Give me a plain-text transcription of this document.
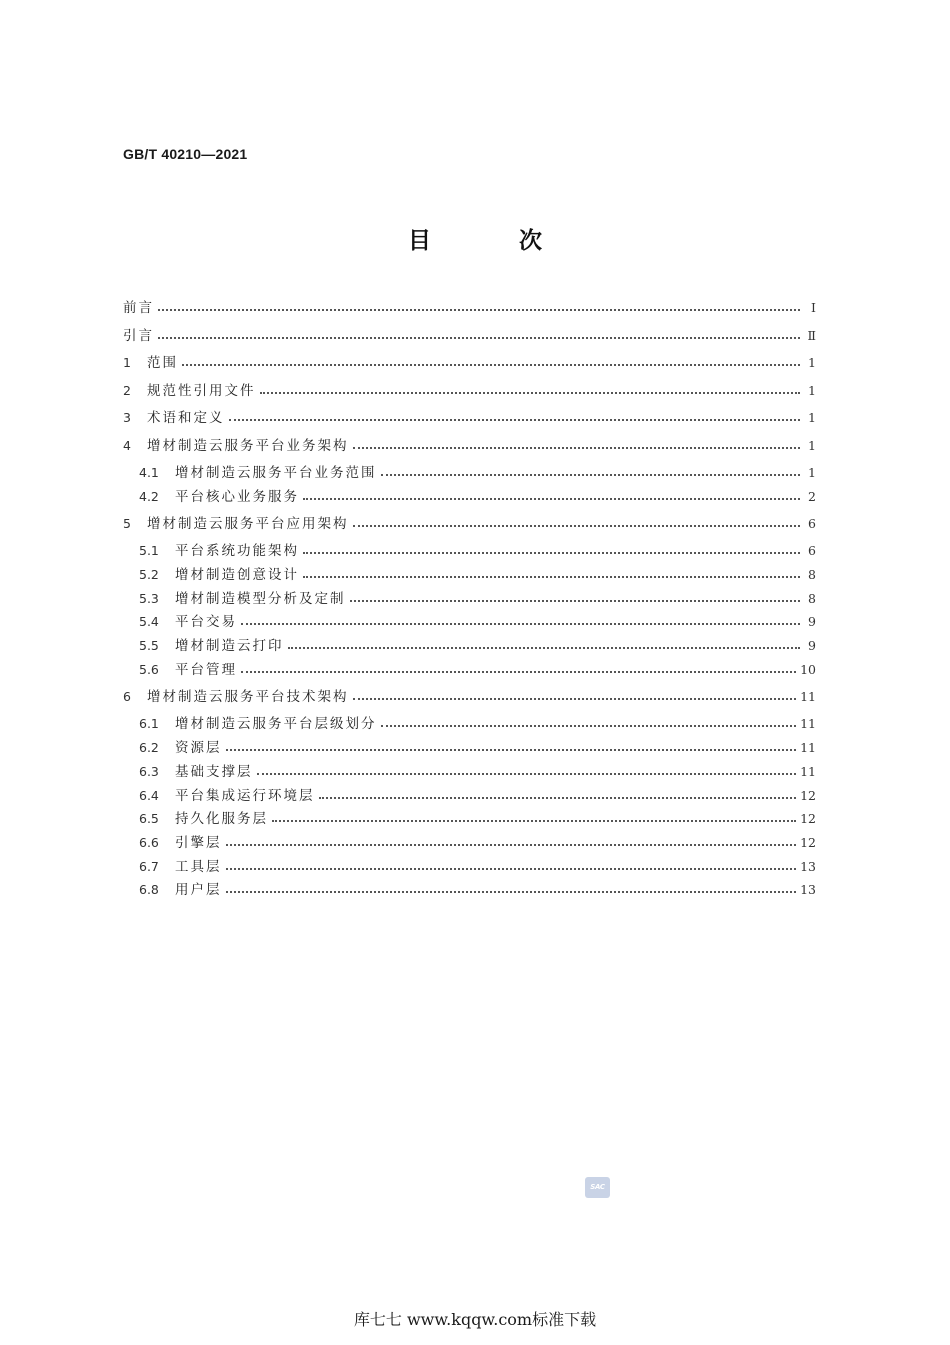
GB/T 40210—2021
目 次
前言	Ⅰ
引言	Ⅱ
1	范围	1
2	规范性引用文件	1
3	术语和定义	1
4	增材制造云服务平台业务架构	1
4.1	增材制造云服务平台业务范围	1
4.2	平台核心业务服务	2
5	增材制造云服务平台应用架构	6
5.1	平台系统功能架构	6
5.2	增材制造创意设计	8
5.3	增材制造模型分析及定制	8
5.4	平台交易	9
5.5	增材制造云打印	9
5.6	平台管理	10
6	增材制造云服务平台技术架构	11
6.1	增材制造云服务平台层级划分	11
6.2	资源层	11
6.3	基础支撑层	11
6.4	平台集成运行环境层	12
6.5	持久化服务层	12
6.6	引擎层	12
6.7	工具层	13
6.8	用户层	13
SAC
库七七 www.kqqw.com标准下载
